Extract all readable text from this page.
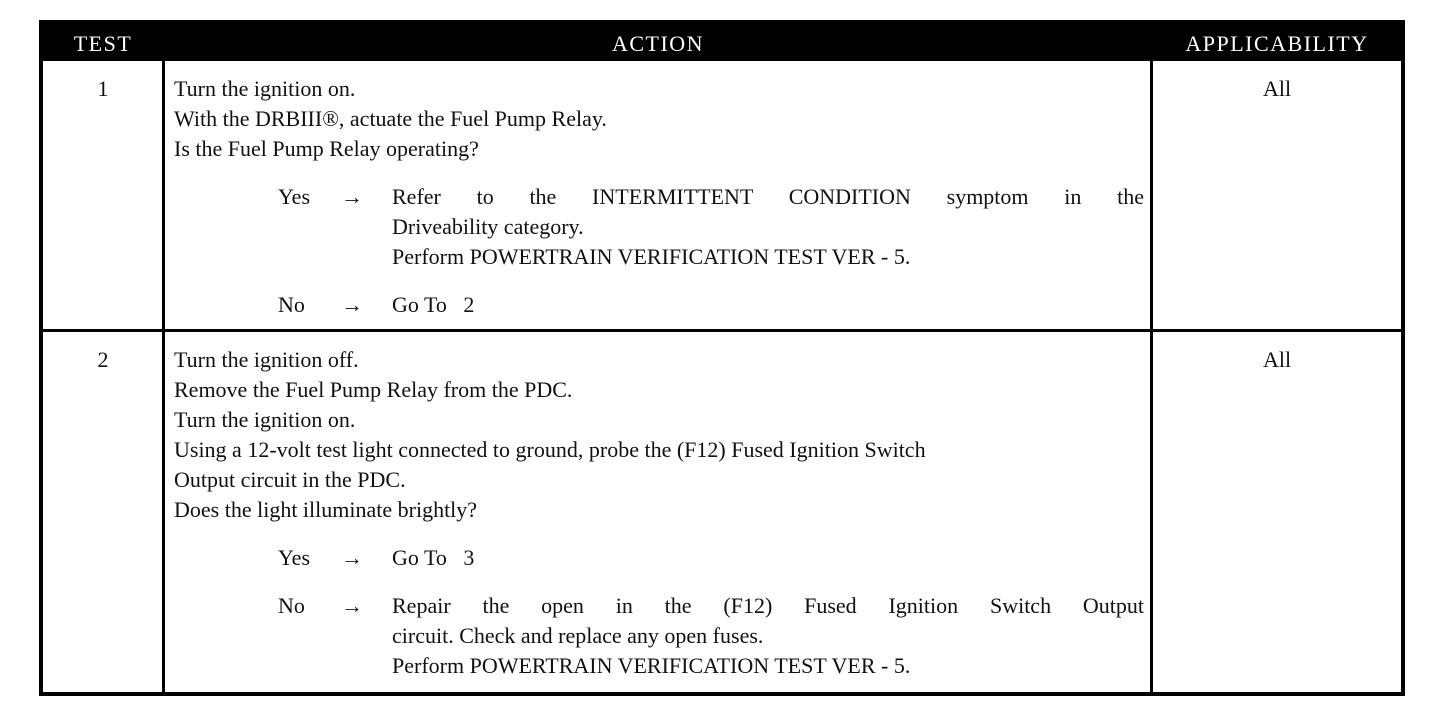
TEST	ACTION	APPLICABILITY
1	Turn the ignition on.
With the DRBIII®, actuate the Fuel Pump Relay.
Is the Fuel Pump Relay operating?
Yes	→	Refer to the INTERMITTENT CONDITION symptom in the
Driveability category.
Perform POWERTRAIN VERIFICATION TEST VER - 5.
No	→	Go To   2
All
2	Turn the ignition off.
Remove the Fuel Pump Relay from the PDC.
Turn the ignition on.
Using a 12-volt test light connected to ground, probe the (F12) Fused Ignition Switch
Output circuit in the PDC.
Does the light illuminate brightly?
Yes	→	Go To   3
No	→	Repair the open in the (F12) Fused Ignition Switch Output
circuit. Check and replace any open fuses.
Perform POWERTRAIN VERIFICATION TEST VER - 5.
All
